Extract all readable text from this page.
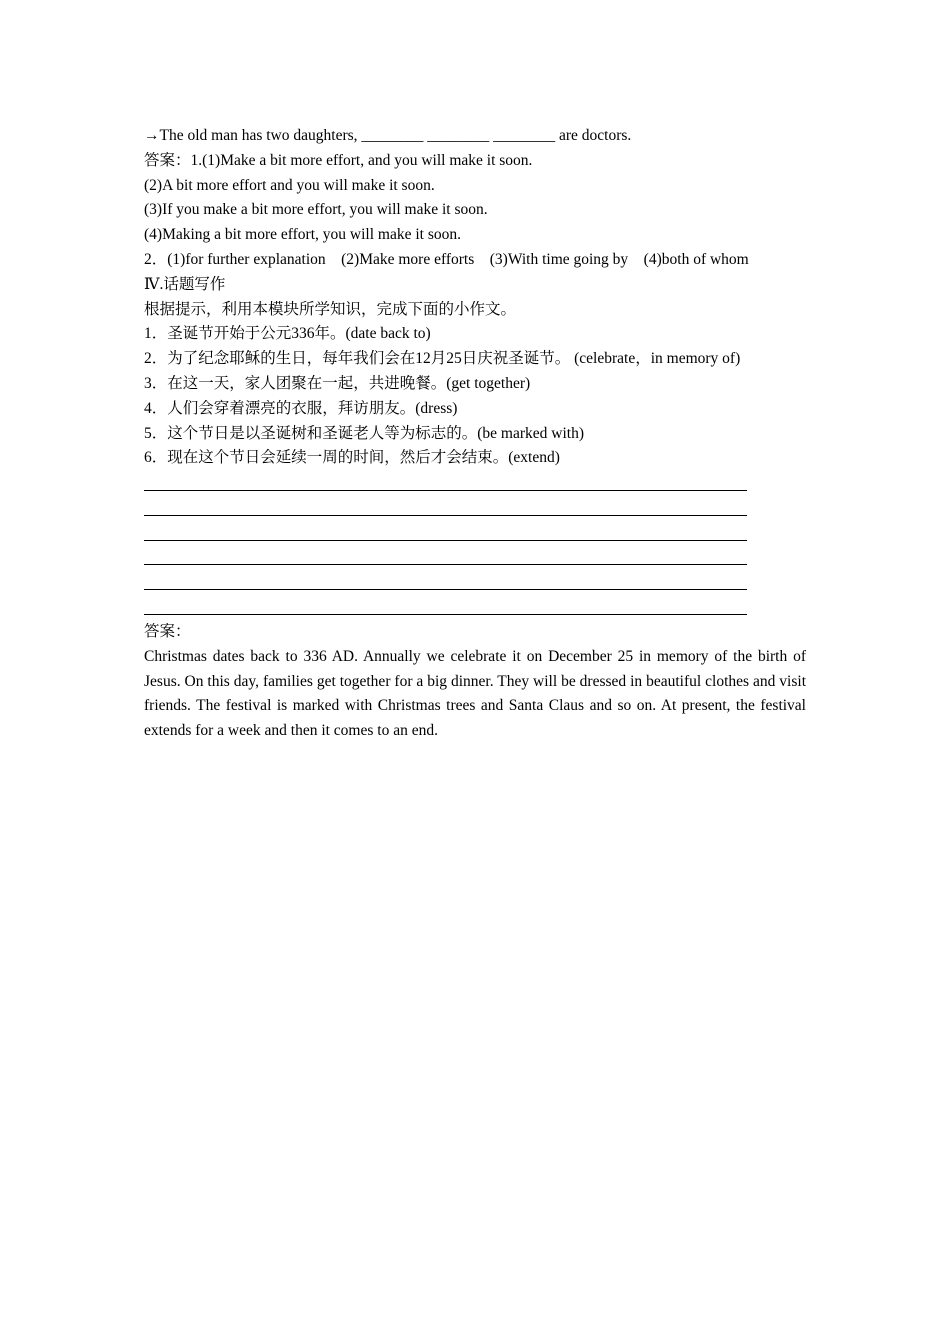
→The old man has two daughters, ________ ________ ________ are doctors.
答案：1.(1)Make a bit more effort, and you will make it soon.
(2)A bit more effort and you will make it soon.
(3)If you make a bit more effort, you will make it soon.
(4)Making a bit more effort, you will make it soon.
2．(1)for further explanation　(2)Make more efforts　(3)With time going by　(4)both of whom
Ⅳ.话题写作
根据提示，利用本模块所学知识，完成下面的小作文。
1．圣诞节开始于公元336年。(date back to)
2．为了纪念耶稣的生日，每年我们会在12月25日庆祝圣诞节。 (celebrate，in memory of)
3．在这一天，家人团聚在一起，共进晚餐。(get together)
4．人们会穿着漂亮的衣服，拜访朋友。(dress)
5．这个节日是以圣诞树和圣诞老人等为标志的。(be marked with)
6．现在这个节日会延续一周的时间，然后才会结束。(extend)
答案：
Christmas dates back to 336 AD. Annually we celebrate it on December 25 in memory of the birth of Jesus. On this day, families get together for a big dinner. They will be dressed in beautiful clothes and visit friends. The festival is marked with Christmas trees and Santa Claus and so on. At present, the festival extends for a week and then it comes to an end.
